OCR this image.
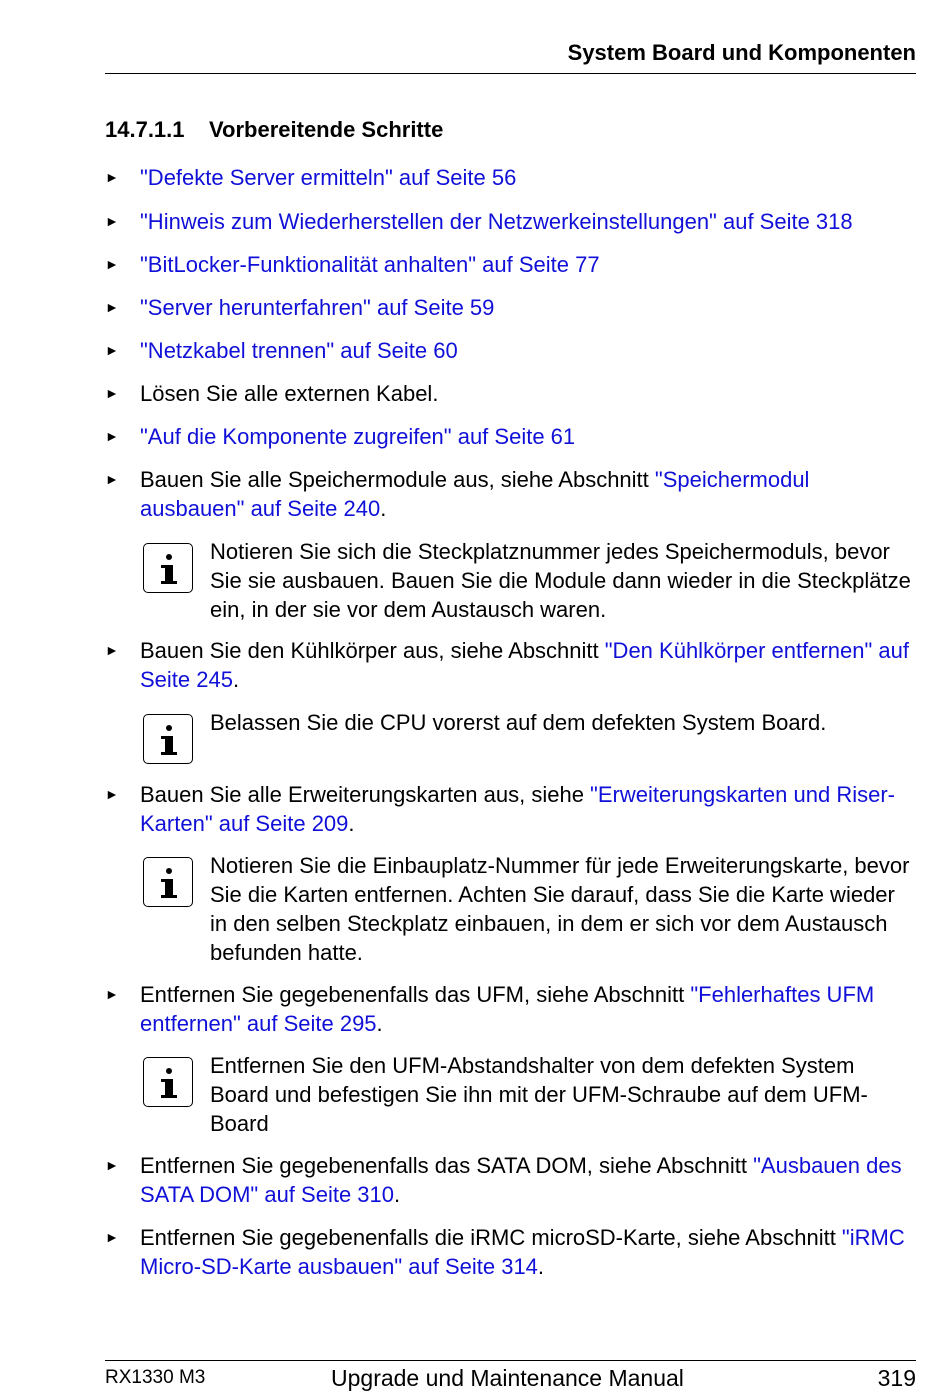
System Board und Komponenten
14.7.1.1 Vorbereitende Schritte
► "Defekte Server ermitteln" auf Seite 56
► "Hinweis zum Wiederherstellen der Netzwerkeinstellungen" auf Seite 318
► "BitLocker-Funktionalität anhalten" auf Seite 77
► "Server herunterfahren" auf Seite 59
► "Netzkabel trennen" auf Seite 60
► Lösen Sie alle externen Kabel.
► "Auf die Komponente zugreifen" auf Seite 61
► Bauen Sie alle Speichermodule aus, siehe Abschnitt "Speichermodul ausbauen" auf Seite 240.
Notieren Sie sich die Steckplatznummer jedes Speichermoduls, bevor Sie sie ausbauen. Bauen Sie die Module dann wieder in die Steckplätze ein, in der sie vor dem Austausch waren.
► Bauen Sie den Kühlkörper aus, siehe Abschnitt "Den Kühlkörper entfernen" auf Seite 245.
Belassen Sie die CPU vorerst auf dem defekten System Board.
► Bauen Sie alle Erweiterungskarten aus, siehe "Erweiterungskarten und Riser-Karten" auf Seite 209.
Notieren Sie die Einbauplatz-Nummer für jede Erweiterungskarte, bevor Sie die Karten entfernen. Achten Sie darauf, dass Sie die Karte wieder in den selben Steckplatz einbauen, in dem er sich vor dem Austausch befunden hatte.
► Entfernen Sie gegebenenfalls das UFM, siehe Abschnitt "Fehlerhaftes UFM entfernen" auf Seite 295.
Entfernen Sie den UFM-Abstandshalter von dem defekten System Board und befestigen Sie ihn mit der UFM-Schraube auf dem UFM-Board
► Entfernen Sie gegebenenfalls das SATA DOM, siehe Abschnitt "Ausbauen des SATA DOM" auf Seite 310.
► Entfernen Sie gegebenenfalls die iRMC microSD-Karte, siehe Abschnitt "iRMC Micro-SD-Karte ausbauen" auf Seite 314.
RX1330 M3	Upgrade und Maintenance Manual	319
